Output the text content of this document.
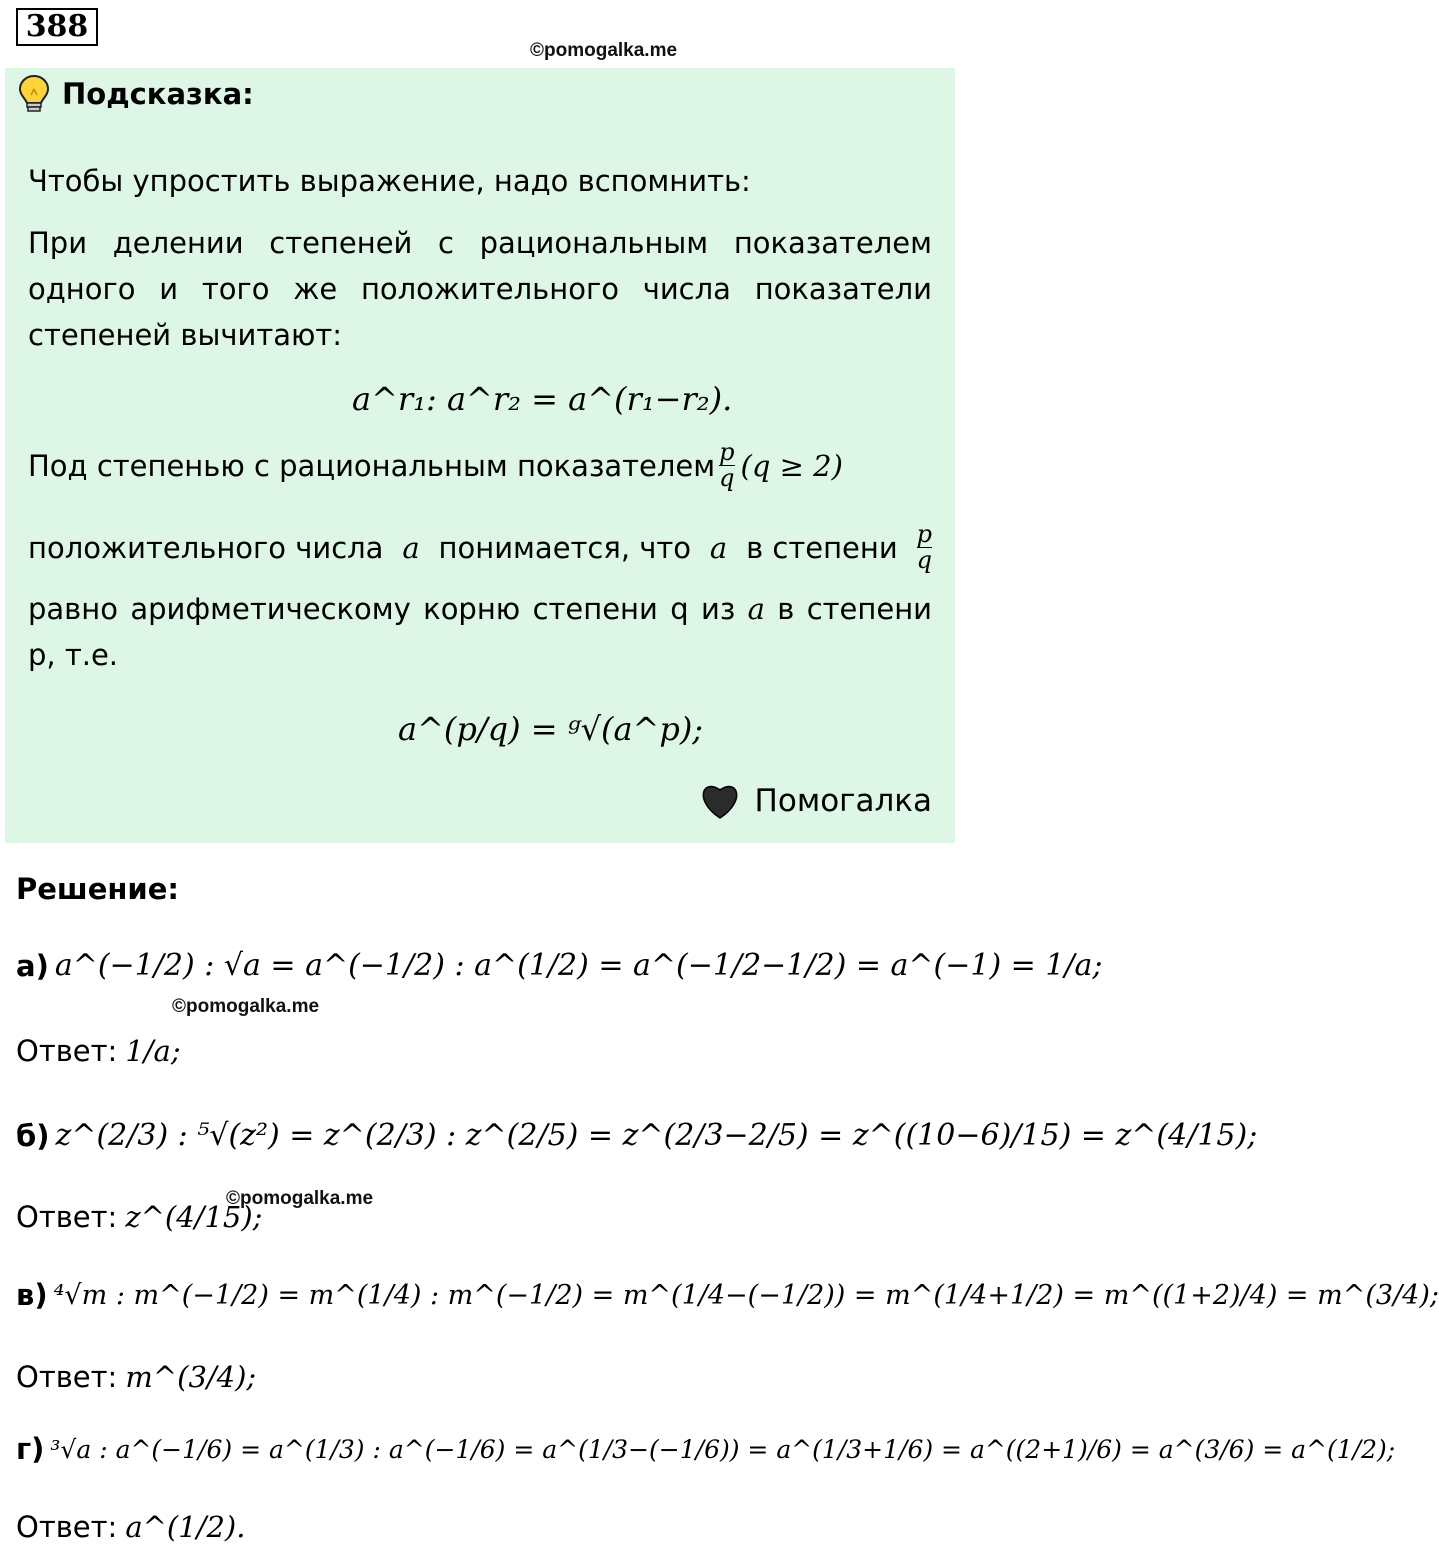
388
©pomogalka.me
Подсказка:
Чтобы упростить выражение, надо вспомнить:
При делении степеней с рациональным показателем одного и того же положительного числа показатели степеней вычитают:
a^r₁: a^r₂ = a^(r₁−r₂).
Под степенью с рациональным показателем $\frac{p}{q} (q \ge 2)$
положительного числа a понимается, что a в степени $\frac{p}{q}$
равно арифметическому корню степени q из a в степени p, т.е.
a^(p/q) = ᵍ√(a^p);
Помогалка
Решение:
а) a^(−1/2) : √a = a^(−1/2) : a^(1/2) = a^(−1/2−1/2) = a^(−1) = 1/a;
©pomogalka.me
Ответ: 1/a;
б) z^(2/3) : ⁵√(z²) = z^(2/3) : z^(2/5) = z^(2/3−2/5) = z^((10−6)/15) = z^(4/15);
Ответ: z^(4/15);
©pomogalka.me
в) ⁴√m : m^(−1/2) = m^(1/4) : m^(−1/2) = m^(1/4−(−1/2)) = m^(1/4+1/2) = m^((1+2)/4) = m^(3/4);
Ответ: m^(3/4);
г) ³√a : a^(−1/6) = a^(1/3) : a^(−1/6) = a^(1/3−(−1/6)) = a^(1/3+1/6) = a^((2+1)/6) = a^(3/6) = a^(1/2);
Ответ: a^(1/2).
